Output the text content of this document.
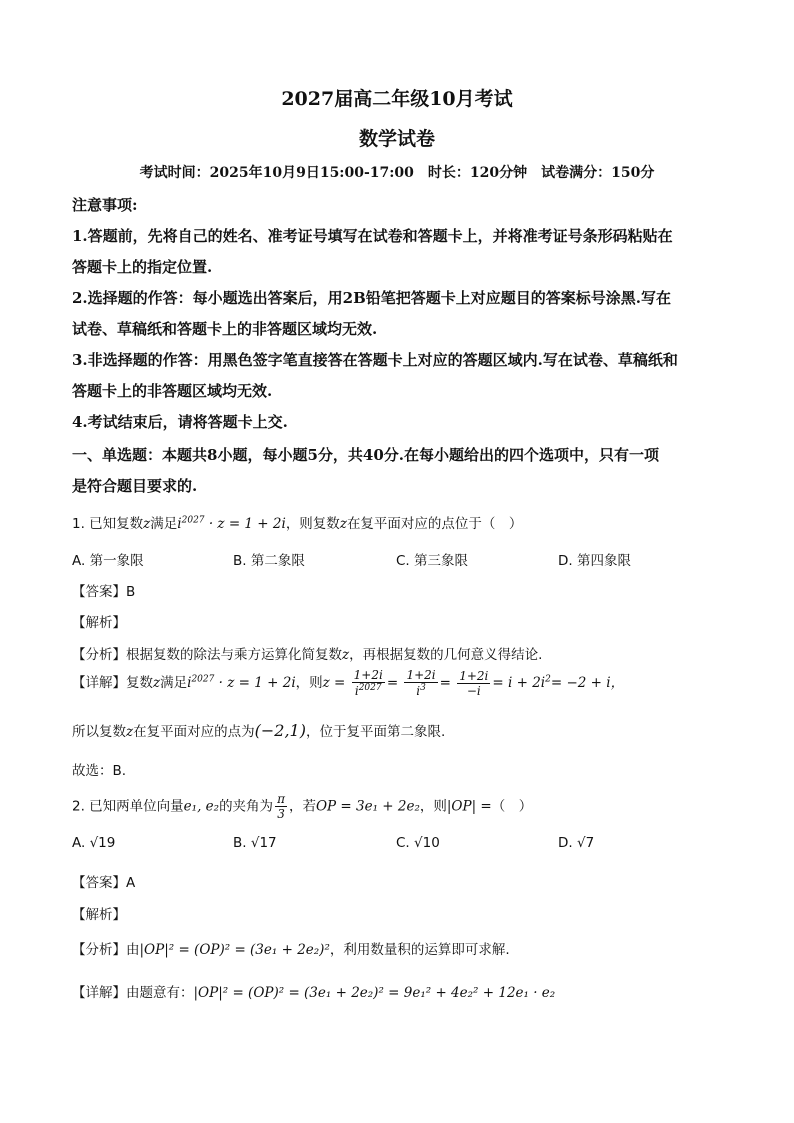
2027届高二年级10月考试
数学试卷
考试时间：2025年10月9日15:00-17:00　时长：120分钟　试卷满分：150分
注意事项:
1.答题前，先将自己的姓名、准考证号填写在试卷和答题卡上，并将准考证号条形码粘贴在
答题卡上的指定位置.
2.选择题的作答：每小题选出答案后，用2B铅笔把答题卡上对应题目的答案标号涂黑.写在
试卷、草稿纸和答题卡上的非答题区域均无效.
3.非选择题的作答：用黑色签字笔直接答在答题卡上对应的答题区域内.写在试卷、草稿纸和
答题卡上的非答题区域均无效.
4.考试结束后，请将答题卡上交.
一、单选题：本题共8小题，每小题5分，共40分.在每小题给出的四个选项中，只有一项
是符合题目要求的.
1. 已知复数z满足$i^{2027} \cdot z = 1 + 2i$，则复数z在复平面对应的点位于（　）
A. 第一象限	B. 第二象限	C. 第三象限	D. 第四象限
【答案】B
【解析】
【分析】根据复数的除法与乘方运算化简复数z，再根据复数的几何意义得结论.
【详解】复数z满足$i^{2027} \cdot z = 1 + 2i$，则$z = \frac{1+2i}{i^{2027}} = \frac{1+2i}{i^3} = \frac{1+2i}{-i} = i + 2i^2= -2 + i$，
所以复数z在复平面对应的点为(−2,1)，位于复平面第二象限.
故选：B.
2. 已知两单位向量e₁, e₂的夹角为 $\frac{\pi}{3}$ ，若OP = 3e₁ + 2e₂，则|OP| =（　）
A. √19	B. √17	C. √10	D. √7
【答案】A
【解析】
【分析】由|OP|² = (OP)² = (3e₁ + 2e₂)²，利用数量积的运算即可求解.
【详解】由题意有：|OP|² = (OP)² = (3e₁ + 2e₂)² = 9e₁² + 4e₂² + 12e₁ · e₂
